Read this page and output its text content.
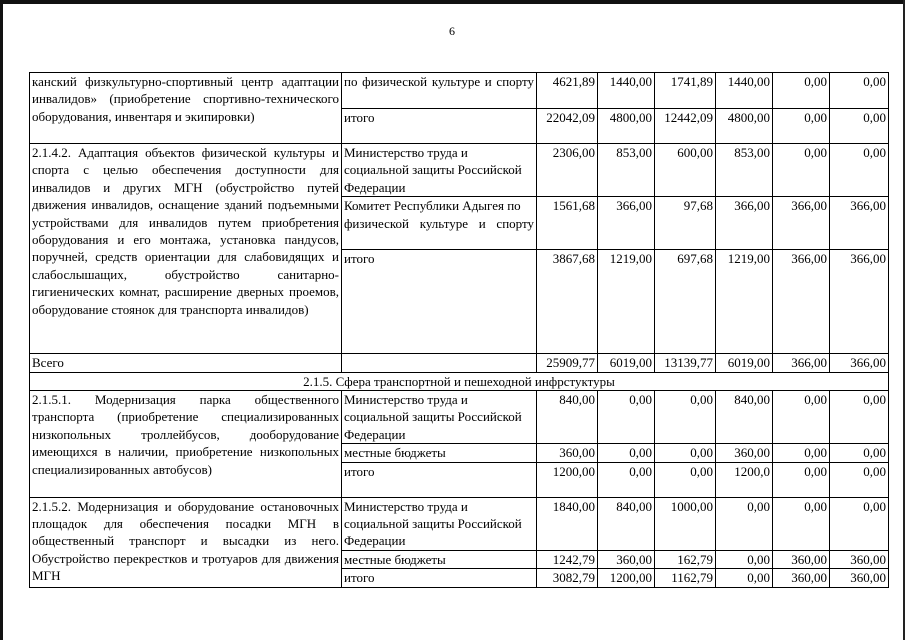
6
канский физкультурно-спортивный центр адаптации инвалидов» (приобретение спортивно-технического оборудования, инвентаря и экипировки)	по физической культуре и спорту	4621,89	1440,00	1741,89	1440,00	0,00	0,00
	итого	22042,09	4800,00	12442,09	4800,00	0,00	0,00
2.1.4.2. Адаптация объектов физической культуры и спорта с целью обеспечения доступности для инвалидов и других МГН (обустройство путей движения инвалидов, оснащение зданий подъемными устройствами для инвалидов путем приобретения оборудования и его монтажа, установка пандусов, поручней, средств ориентации для слабовидящих и слабослышащих, обустройство санитарно-гигиенических комнат, расширение дверных проемов, оборудование стоянок для транспорта инвалидов)	Министерство труда и социальной защиты Российской Федерации	2306,00	853,00	600,00	853,00	0,00	0,00
	Комитет Республики Адыгея по физической культуре и спорту	1561,68	366,00	97,68	366,00	366,00	366,00
	итого	3867,68	1219,00	697,68	1219,00	366,00	366,00
Всего		25909,77	6019,00	13139,77	6019,00	366,00	366,00
2.1.5. Сфера транспортной и пешеходной инфрстуктуры							
2.1.5.1. Модернизация парка общественного транспорта (приобретение специализированных низкопольных троллейбусов, дооборудование имеющихся в наличии, приобретение низкопольных специализированных автобусов)	Министерство труда и социальной защиты Российской Федерации	840,00	0,00	0,00	840,00	0,00	0,00
	местные бюджеты	360,00	0,00	0,00	360,00	0,00	0,00
	итого	1200,00	0,00	0,00	1200,0	0,00	0,00
2.1.5.2. Модернизация и оборудование остановочных площадок для обеспечения посадки МГН в общественный транспорт и высадки из него. Обустройство перекрестков и тротуаров для движения МГН	Министерство труда и социальной защиты Российской Федерации	1840,00	840,00	1000,00	0,00	0,00	0,00
	местные бюджеты	1242,79	360,00	162,79	0,00	360,00	360,00
	итого	3082,79	1200,00	1162,79	0,00	360,00	360,00
